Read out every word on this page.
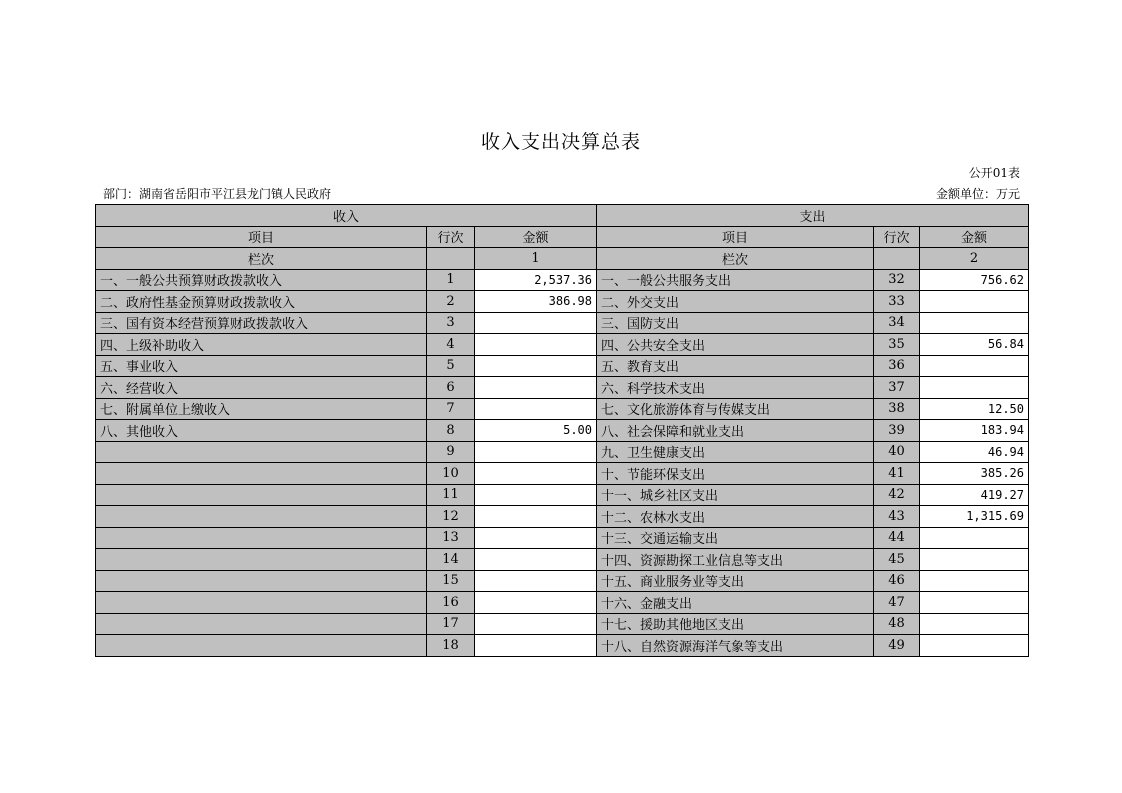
收入支出决算总表
公开01表
部门：湖南省岳阳市平江县龙门镇人民政府	金额单位：万元
收入			支出		
项目	行次	金额	项目	行次	金额
栏次		1	栏次		2
一、一般公共预算财政拨款收入	1	2,537.36	一、一般公共服务支出	32	756.62
二、政府性基金预算财政拨款收入	2	386.98	二、外交支出	33	
三、国有资本经营预算财政拨款收入	3		三、国防支出	34	
四、上级补助收入	4		四、公共安全支出	35	56.84
五、事业收入	5		五、教育支出	36	
六、经营收入	6		六、科学技术支出	37	
七、附属单位上缴收入	7		七、文化旅游体育与传媒支出	38	12.50
八、其他收入	8	5.00	八、社会保障和就业支出	39	183.94
	9		九、卫生健康支出	40	46.94
	10		十、节能环保支出	41	385.26
	11		十一、城乡社区支出	42	419.27
	12		十二、农林水支出	43	1,315.69
	13		十三、交通运输支出	44	
	14		十四、资源勘探工业信息等支出	45	
	15		十五、商业服务业等支出	46	
	16		十六、金融支出	47	
	17		十七、援助其他地区支出	48	
	18		十八、自然资源海洋气象等支出	49	
